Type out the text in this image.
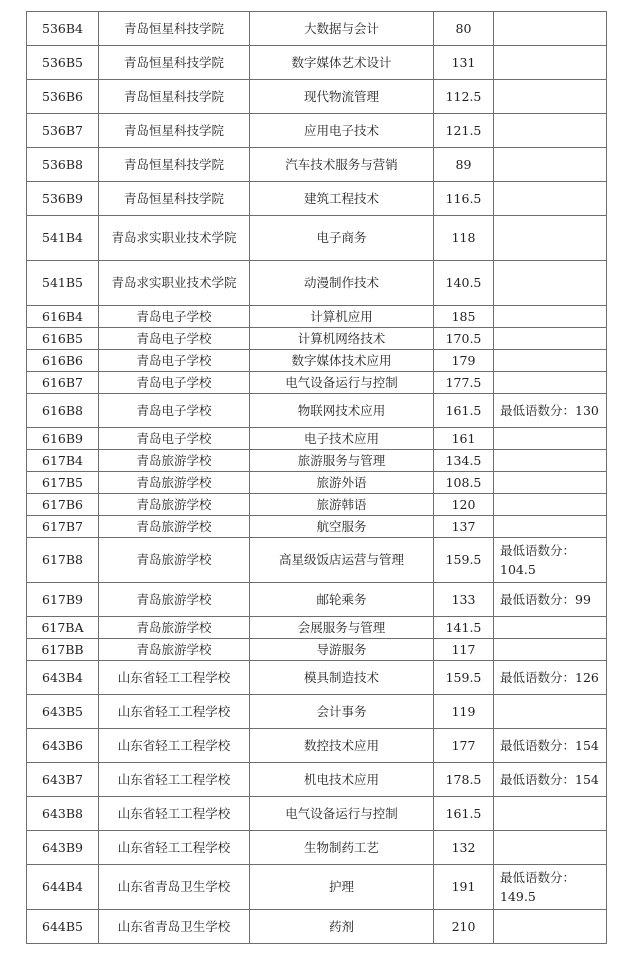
536B4	青岛恒星科技学院	大数据与会计	80	
536B5	青岛恒星科技学院	数字媒体艺术设计	131	
536B6	青岛恒星科技学院	现代物流管理	112.5	
536B7	青岛恒星科技学院	应用电子技术	121.5	
536B8	青岛恒星科技学院	汽车技术服务与营销	89	
536B9	青岛恒星科技学院	建筑工程技术	116.5	
541B4	青岛求实职业技术学院	电子商务	118	
541B5	青岛求实职业技术学院	动漫制作技术	140.5	
616B4	青岛电子学校	计算机应用	185	
616B5	青岛电子学校	计算机网络技术	170.5	
616B6	青岛电子学校	数字媒体技术应用	179	
616B7	青岛电子学校	电气设备运行与控制	177.5	
616B8	青岛电子学校	物联网技术应用	161.5	最低语数分：130
616B9	青岛电子学校	电子技术应用	161	
617B4	青岛旅游学校	旅游服务与管理	134.5	
617B5	青岛旅游学校	旅游外语	108.5	
617B6	青岛旅游学校	旅游韩语	120	
617B7	青岛旅游学校	航空服务	137	
617B8	青岛旅游学校	高星级饭店运营与管理	159.5	最低语数分：104.5
617B9	青岛旅游学校	邮轮乘务	133	最低语数分：99
617BA	青岛旅游学校	会展服务与管理	141.5	
617BB	青岛旅游学校	导游服务	117	
643B4	山东省轻工工程学校	模具制造技术	159.5	最低语数分：126
643B5	山东省轻工工程学校	会计事务	119	
643B6	山东省轻工工程学校	数控技术应用	177	最低语数分：154
643B7	山东省轻工工程学校	机电技术应用	178.5	最低语数分：154
643B8	山东省轻工工程学校	电气设备运行与控制	161.5	
643B9	山东省轻工工程学校	生物制药工艺	132	
644B4	山东省青岛卫生学校	护理	191	最低语数分：149.5
644B5	山东省青岛卫生学校	药剂	210	
